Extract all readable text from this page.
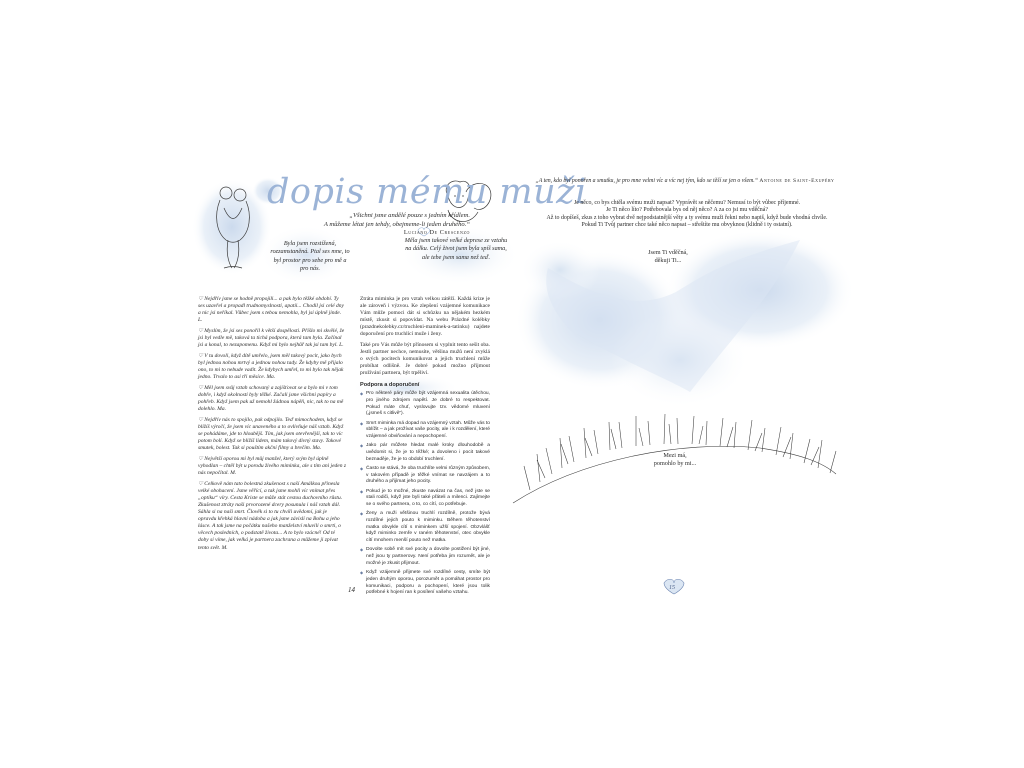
dopis mému muži
„Všichni jsme andělé pouze s jedním křídlem.
A můžeme létat jen tehdy, obejmeme-li jeden druhého.“
Luciano De Crescenzo
Byla jsem rozstížená, rozzamstaněná. Ptal ses mne, to byl prostor pro sebe pro mě a pro nás.
Měla jsem takové velké deprese ze vztahu na dálku. Celý život jsem byla spíš sama, ale tebe jsem sama než teď.

♡ Nejdřív jsme se hodně propojili... a pak bylo těžké období. Ty ses uzavřel a propadl trudnomyslnosti, apatii... Chodil jsi celé dny a nic jsi neříkal. Vůbec jsem s tebou nemohla, byl jsi úplně jinde. L.

♡ Myslím, že jsi ses ponořil k větší dospělosti. Přišlo mi skvělé, že jsi byl vedle mě, taková ta tichá podpora, která tam byla. Začínal jsi a konal, to nezapomenu. Když mi bylo nejhůř tak jsi tam byl. L.

♡ V tu dovoli, když dítě umřelo, jsem měl takový pocit, jako bych byl jednou nohou mrtvý a jednou nohou tady. Že kdyby mě přijalo ono, to mi to nebude vadit. Že kdybych umřel, to mi bylo tak nějak jedno. Trvalo to asi tři měsíce. Ma.

♡ Měl jsem svůj vztah schovaný a zajišťovat se a bylo mi v tom dobře, i když okolnosti byly těžké. Začali jsme všichni papíry a pohřeb. Když jsem pak už nemohl žádnou nápěň, nic, tak to na mě dolehlo. Ma.

♡ Nejdřív nás to spojilo, pak odpojilo. Teď mimochodem, když se bližíš výročí, že jsem víc unaveného a to ovlivňuje náš vztah. Když se pohádáme, jde to hloubějš. Tím, jak jsem otevřenější, tak to víc potom bolí. Když se bližíš lidem, mám takový divný stavy. Takové smutek, bolest. Tak si pouštím akční filmy a brečím. Ma.

♡ Největší oporou mi byl můj manžel, který svým byl úplně vyhodlan – chtěl být u porodu živého miminka, ale s tím ani jeden z nás nepočítal. M.

♡ Celkově nám tato bolestná zkušenost s naší Amálkou přinesla velké obohacení. Jsme věřící, a tak jsme mohli víc vnímat přes „optiku“ víry. Cesta Kriste se může stát cestou duchovního růstu. Zkušenost ztráty naši prvorozené dcery posunula i náš vztah dál. Sáhla si na naši smrt. Člověk si to tu chvíli uvědomí, jak je opravdu křehká hlavní nádoba a jak jsme závislí na Bohu a jeho lásce. A tak jsme na počátku našeho manželství mluvili o smrti, o věcech posledních, o podstatě života... A to bylo vzácné! Od té doby si víme, jak velká je partnera zachrana a můžeme ji zpívat tento svět. M.

Ztráta miminka je pro vztah velkou zátěží. Každá krize je ale zároveň i výzvou. Ke zlepšení vzájemné komunikace Vám může pomoci dát si schůzku na nějakém hezkém místě, zkusit si popovídat. Na webu Prázdné kolébky (prazdnekolebky.cz/truchleni-maminek-a-tatinku) najdete doporučení pro truchlící muže i ženy.

Také pro Vás může být přínosem si vyplnit tento sešit oba. Jestli partner nechce, nemusíte, většina mužů není zvyklá o svých pocitech komunikovat a jejich truchlení může probíhat odlišně. Je dobré pokud možno přijmout prožívání partnera, být trpěliví.

Podpora a doporučení
◆ Pro některé páry může být vzájemná sexualita útěchou, pro jiného zdrojem napětí. Je dobré to respektovat. Pokud máte chuť, vyslovujte tzv. vědomé mluvení („jsmeš s citlivě“).
◆ Smrt miminka má dopad na vzájemný vztah. Může vás to sblížit – a jak prožívat vaše pocity, ale i k rozdělení, které vzájemné obviňování a nepochopení.
◆ Jako pár můžete hledat malé kroky dlouhodobě a uvědomit si, že je to těžké; a dovoleno i pocit takové beznaděje, že je to období truchlení.
◆ Často se stává, že oba truchlíte velmi různým způsobem, v takovém případě je těžké vnímat se navzájem a to druhého a přijímat jeho pocity.
◆ Pokud je to možné, zkuste navázat na čas, než jste se stali rodiči, když jste byli také přáteli a milenci. Zajímejte se o svého partnera, o to, co cítí, co potřebuje.
◆ Ženy a muži většinou truchlí rozdílně, protože bývá rozdílné jejich pouto k miminku. Během těhotenství matka obvykle cítí s miminkem užší spojení. Obzvlášť když miminko zemře v raném těhotenství, otec obvykle cítí mnohem menší pouto než matka.
◆ Dovolte sobě mít své pocity a dovolte postižení být jiné, než jsou ty partnerovy. Není potřeba jim rozumět, ale je možné je zkusit přijmout.
◆ Když vzájemně přijmete své rozdílné cesty, smíte být jeden druhým oporou, porozumět a pomáhat prostor pro komunikaci, podporu a pochopení, které jsou tolik potřebné k hojení ran k posílení vašeho vztahu.
14
„A ten, kdo byl ponořen a smutku, je pro mne velmi víc a víc nej tým, kdo se těší se jen o všem.“ Antoine de Saint-Exupéry

Je něco, co bys chtěla svému muži napsat? Vyprávět se něčemu? Nemusí to být vůbec příjemné.

Je Ti něco líto? Potřebovala bys od něj něco? A za co jsi mu vděčná?

Až to dopíšeš, zkus z toho vybrat dvě nejpodstatnější věty a ty svému muži řekni nebo napiš, když bude vhodná chvíle.

Pokud Ti Tvůj partner chce také něco napsat – střeštíte mu obvyknou (klidně i ty ostatní).

Jsem Ti vděčná,
děkuji Ti...
Mezi má,
pomohlo by mi...
15
